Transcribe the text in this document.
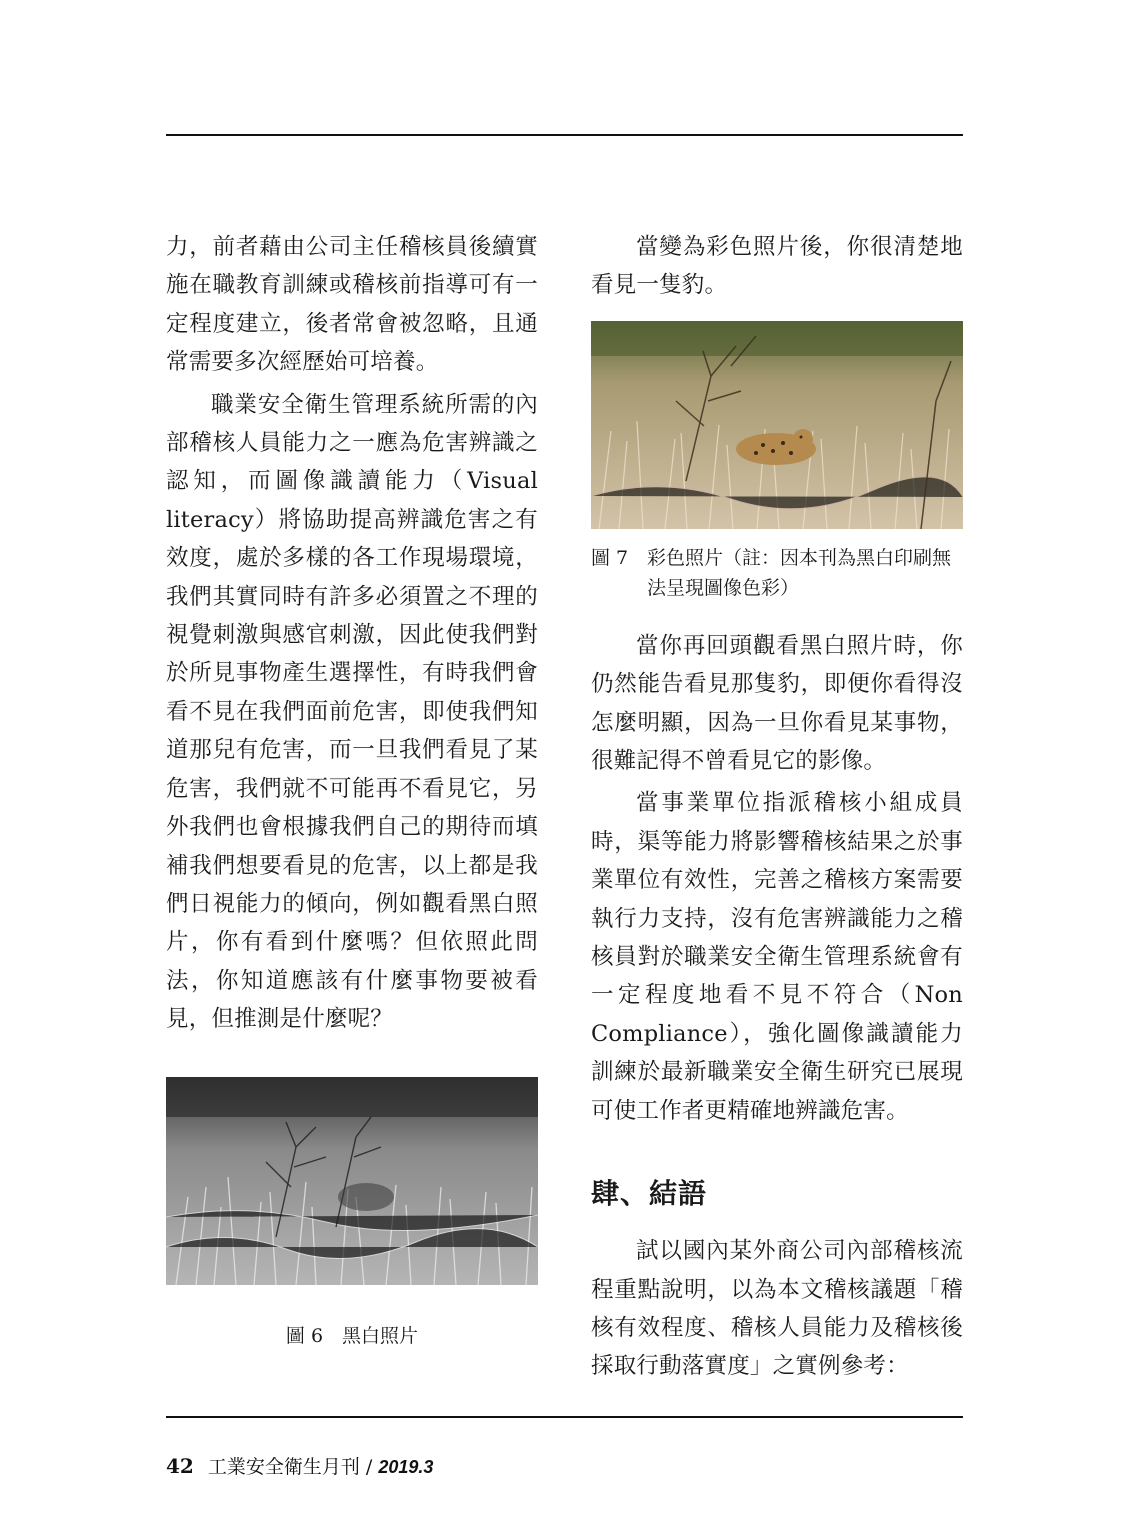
力，前者藉由公司主任稽核員後續實施在職教育訓練或稽核前指導可有一定程度建立，後者常會被忽略，且通常需要多次經歷始可培養。

職業安全衛生管理系統所需的內部稽核人員能力之一應為危害辨識之認知，而圖像識讀能力（Visual literacy）將協助提高辨識危害之有效度，處於多樣的各工作現場環境，我們其實同時有許多必須置之不理的視覺刺激與感官刺激，因此使我們對於所見事物產生選擇性，有時我們會看不見在我們面前危害，即使我們知道那兒有危害，而一旦我們看見了某危害，我們就不可能再不看見它，另外我們也會根據我們自己的期待而填補我們想要看見的危害，以上都是我們日視能力的傾向，例如觀看黑白照片，你有看到什麼嗎？但依照此問法，你知道應該有什麼事物要被看見，但推測是什麼呢？

圖 6　黑白照片

當變為彩色照片後，你很清楚地看見一隻豹。

圖 7 彩色照片（註：因本刊為黑白印刷無法呈現圖像色彩）

當你再回頭觀看黑白照片時，你仍然能告看見那隻豹，即便你看得沒怎麼明顯，因為一旦你看見某事物，很難記得不曾看見它的影像。

當事業單位指派稽核小組成員時，渠等能力將影響稽核結果之於事業單位有效性，完善之稽核方案需要執行力支持，沒有危害辨識能力之稽核員對於職業安全衛生管理系統會有一定程度地看不見不符合（Non Compliance），強化圖像識讀能力訓練於最新職業安全衛生研究已展現可使工作者更精確地辨識危害。

肆、結語

試以國內某外商公司內部稽核流程重點說明，以為本文稽核議題「稽核有效程度、稽核人員能力及稽核後採取行動落實度」之實例參考：

42 工業安全衛生月刊 / 2019.3
